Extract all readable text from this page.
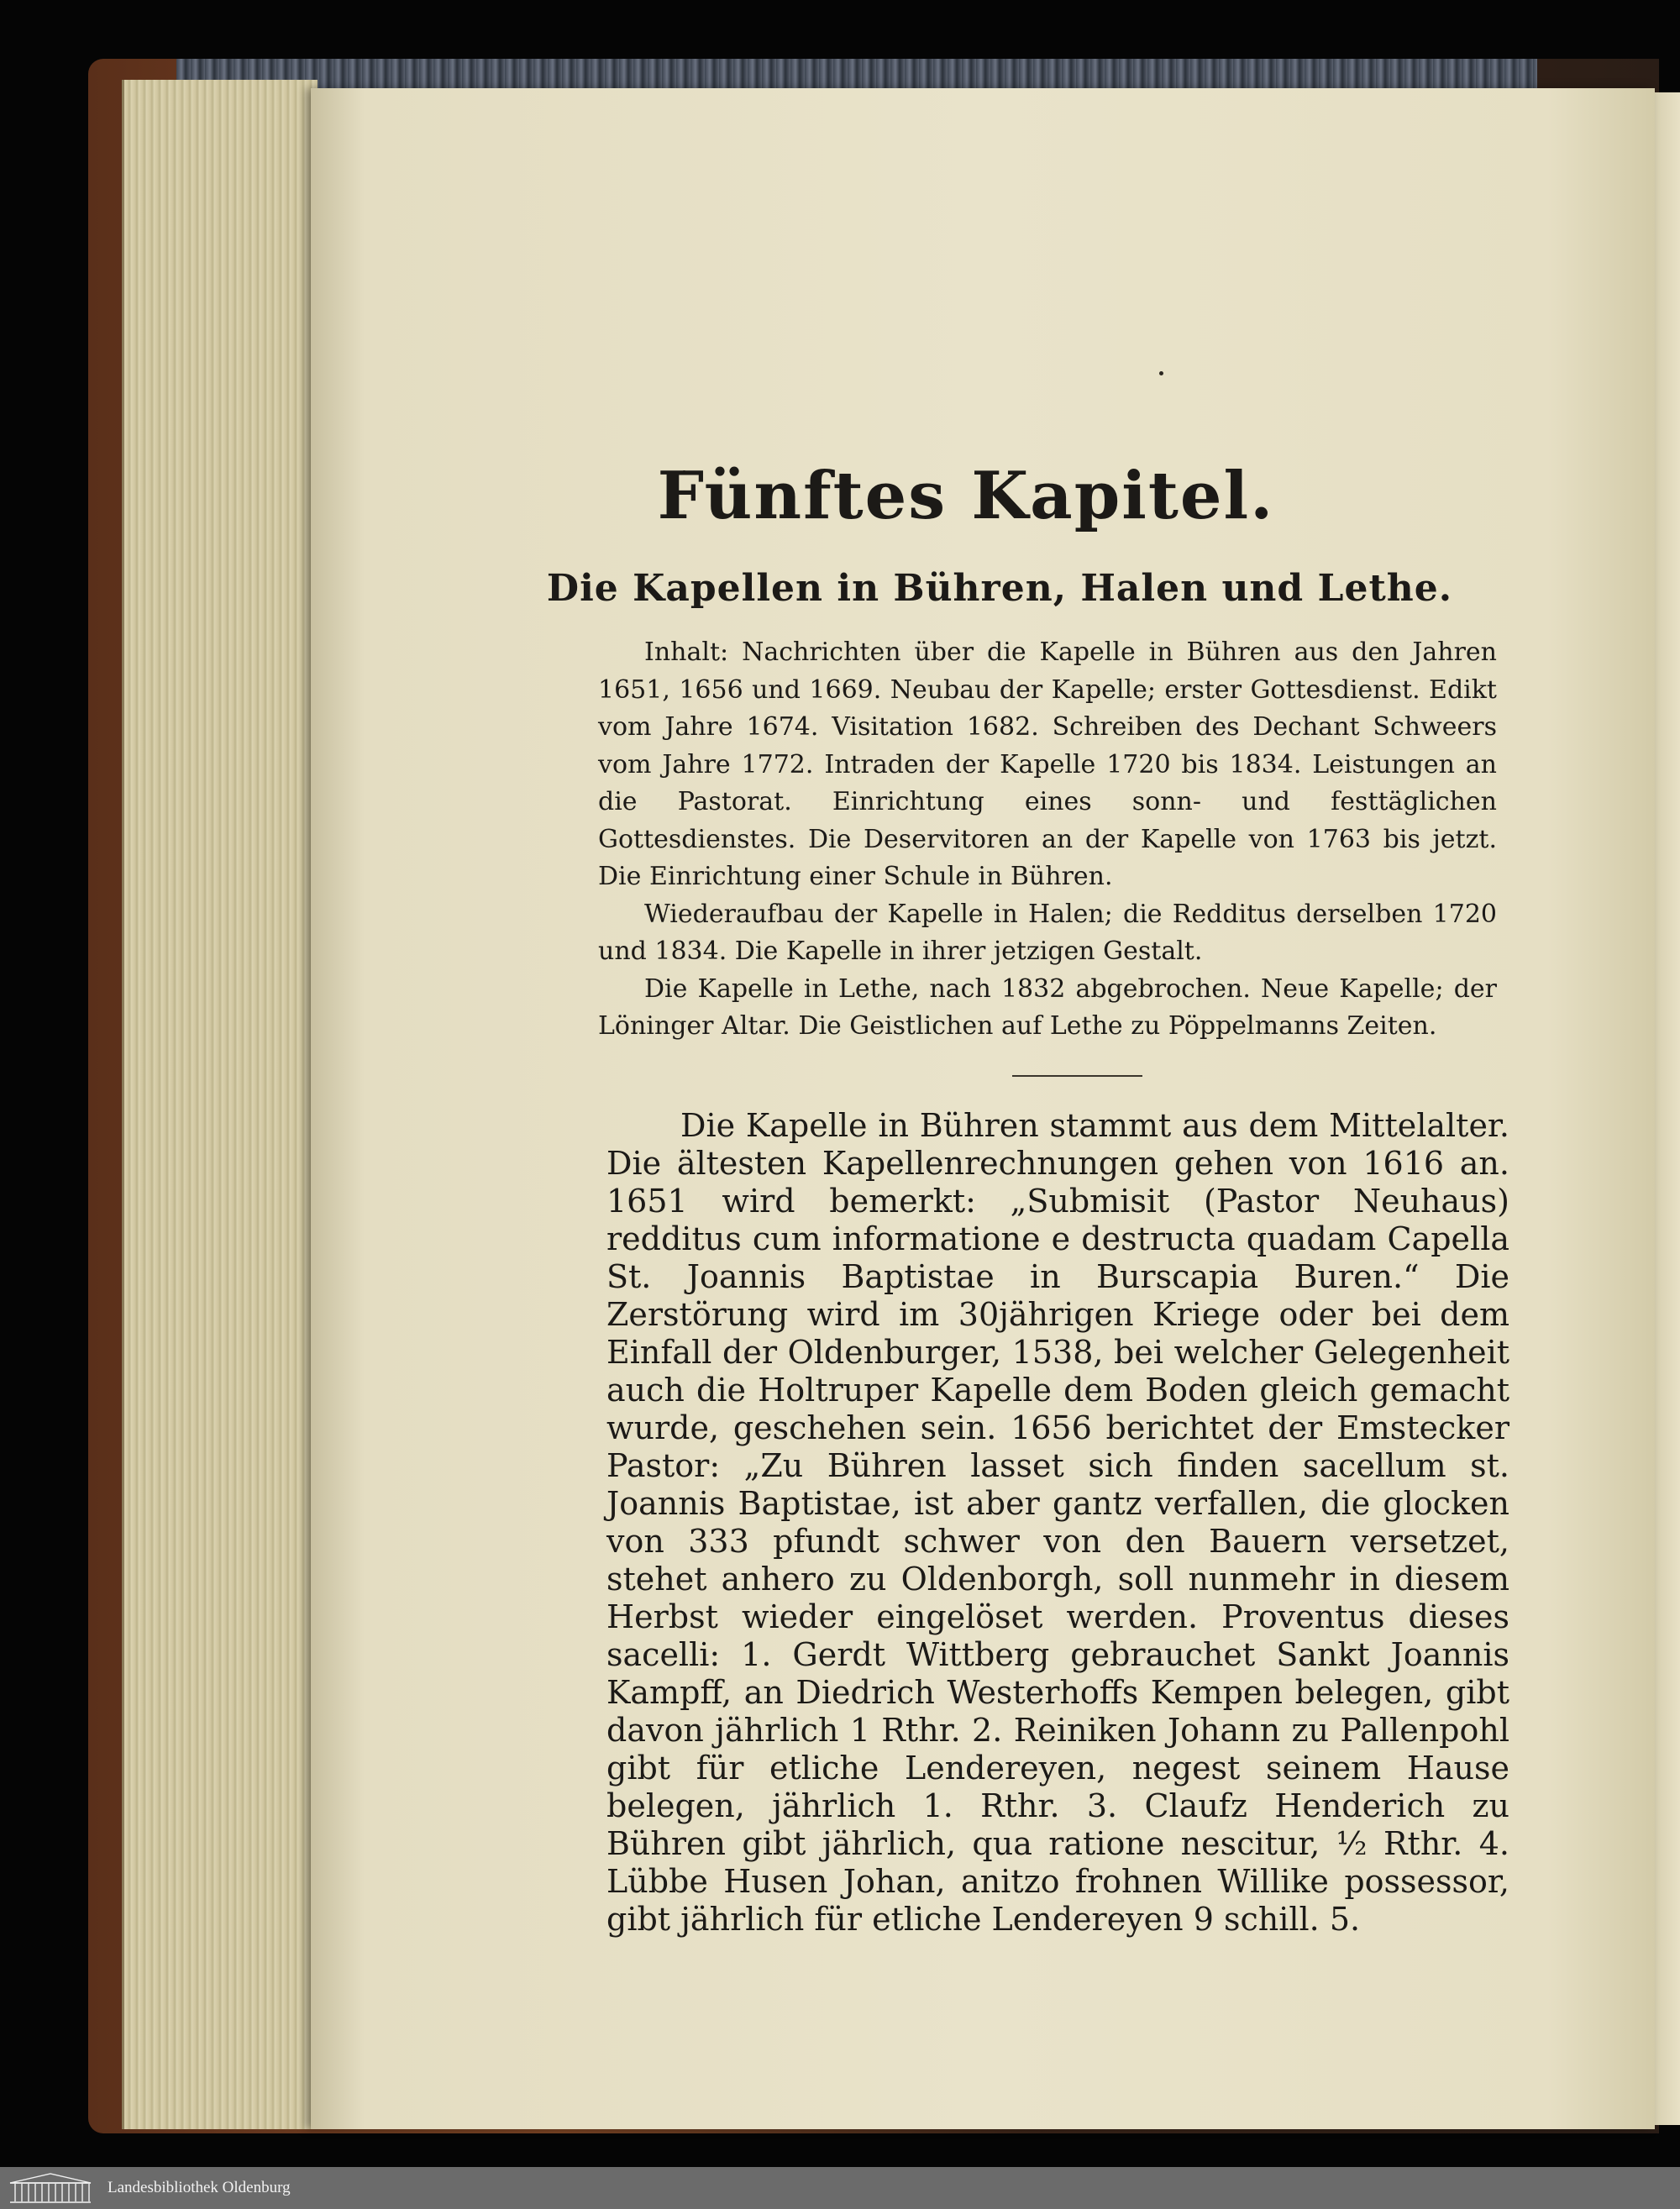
Fünftes Kapitel.
Die Kapellen in Bühren, Halen und Lethe.

Inhalt: Nachrichten über die Kapelle in Bühren aus den Jahren 1651, 1656 und 1669. Neubau der Kapelle; erster Gottesdienst. Edikt vom Jahre 1674. Visitation 1682. Schreiben des Dechant Schweers vom Jahre 1772. Intraden der Kapelle 1720 bis 1834. Leistungen an die Pastorat. Einrichtung eines sonn- und festtäglichen Gottesdienstes. Die Deservitoren an der Kapelle von 1763 bis jetzt. Die Einrichtung einer Schule in Bühren.

Wiederaufbau der Kapelle in Halen; die Redditus derselben 1720 und 1834. Die Kapelle in ihrer jetzigen Gestalt.

Die Kapelle in Lethe, nach 1832 abgebrochen. Neue Kapelle; der Löninger Altar. Die Geistlichen auf Lethe zu Pöppelmanns Zeiten.

Die Kapelle in Bühren stammt aus dem Mittelalter. Die ältesten Kapellenrechnungen gehen von 1616 an. 1651 wird bemerkt: „Submisit (Pastor Neuhaus) redditus cum informatione e destructa quadam Capella St. Joannis Baptistae in Burscapia Buren.“ Die Zerstörung wird im 30jährigen Kriege oder bei dem Einfall der Oldenburger, 1538, bei welcher Gelegenheit auch die Holtruper Kapelle dem Boden gleich gemacht wurde, geschehen sein. 1656 berichtet der Emstecker Pastor: „Zu Bühren lasset sich finden sacellum st. Joannis Baptistae, ist aber gantz verfallen, die glocken von 333 pfundt schwer von den Bauern versetzet, stehet anhero zu Oldenborgh, soll nunmehr in diesem Herbst wieder eingelöset werden. Proventus dieses sacelli: 1. Gerdt Wittberg gebrauchet Sankt Joannis Kampff, an Diedrich Westerhoffs Kempen belegen, gibt davon jährlich 1 Rthr. 2. Reiniken Johann zu Pallenpohl gibt für etliche Lendereyen, negest seinem Hause belegen, jährlich 1. Rthr. 3. Claufz Henderich zu Bühren gibt jährlich, qua ratione nescitur, ½ Rthr. 4. Lübbe Husen Johan, anitzo frohnen Willike possessor, gibt jährlich für etliche Lendereyen 9 schill. 5.

Landesbibliothek Oldenburg
